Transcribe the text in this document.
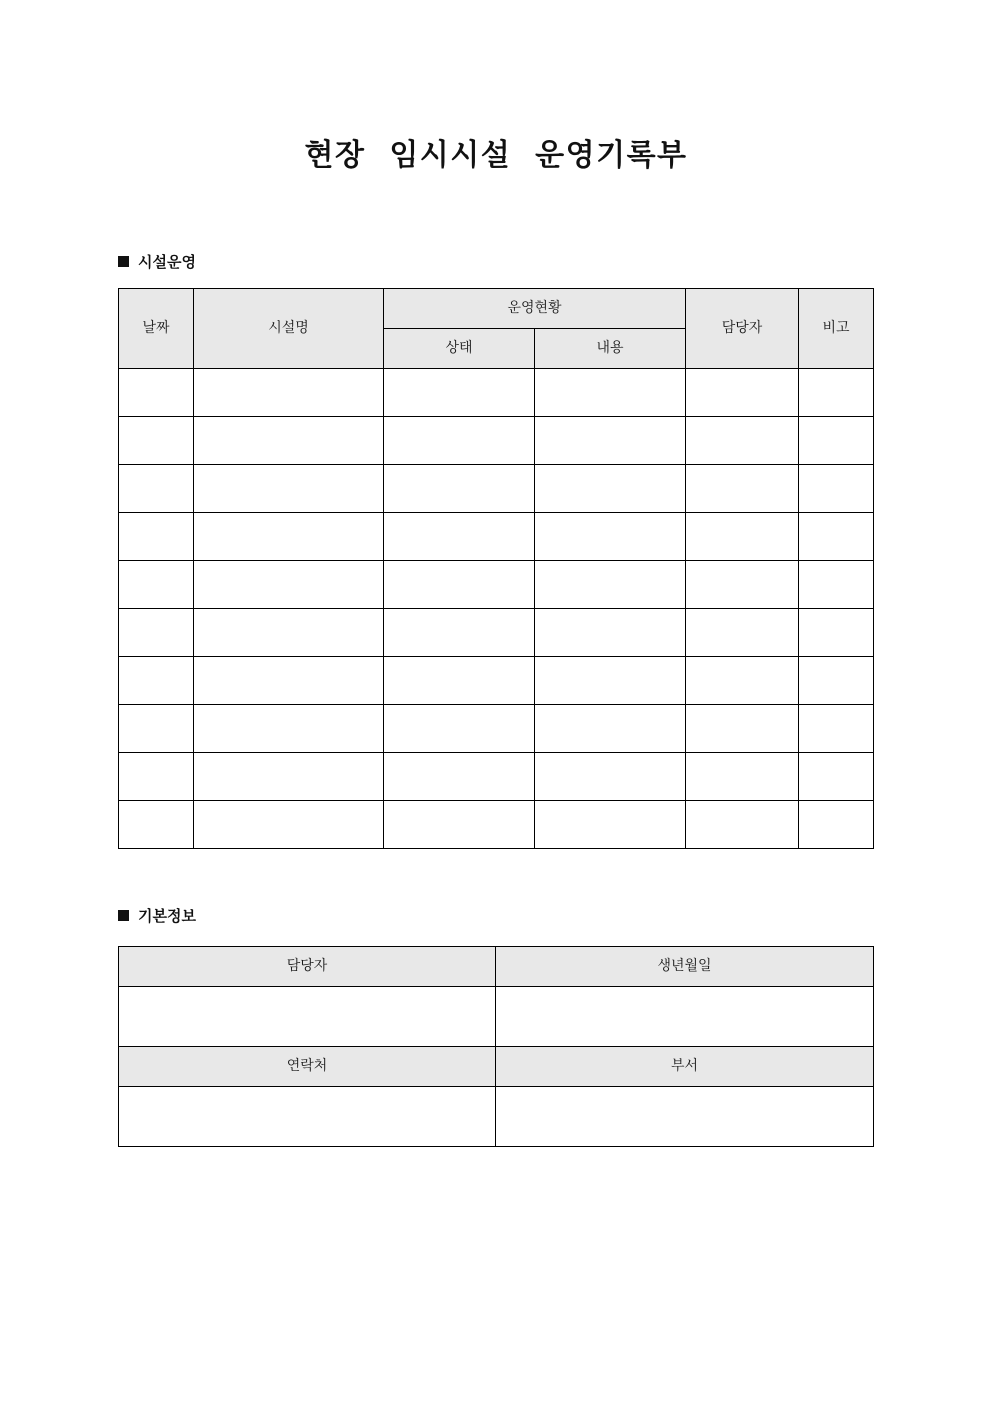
현장  임시시설  운영기록부
시설운영
날짜	시설명	운영현황		담당자	비고
		상태	내용		

기본정보
담당자	생년월일

연락처	부서
